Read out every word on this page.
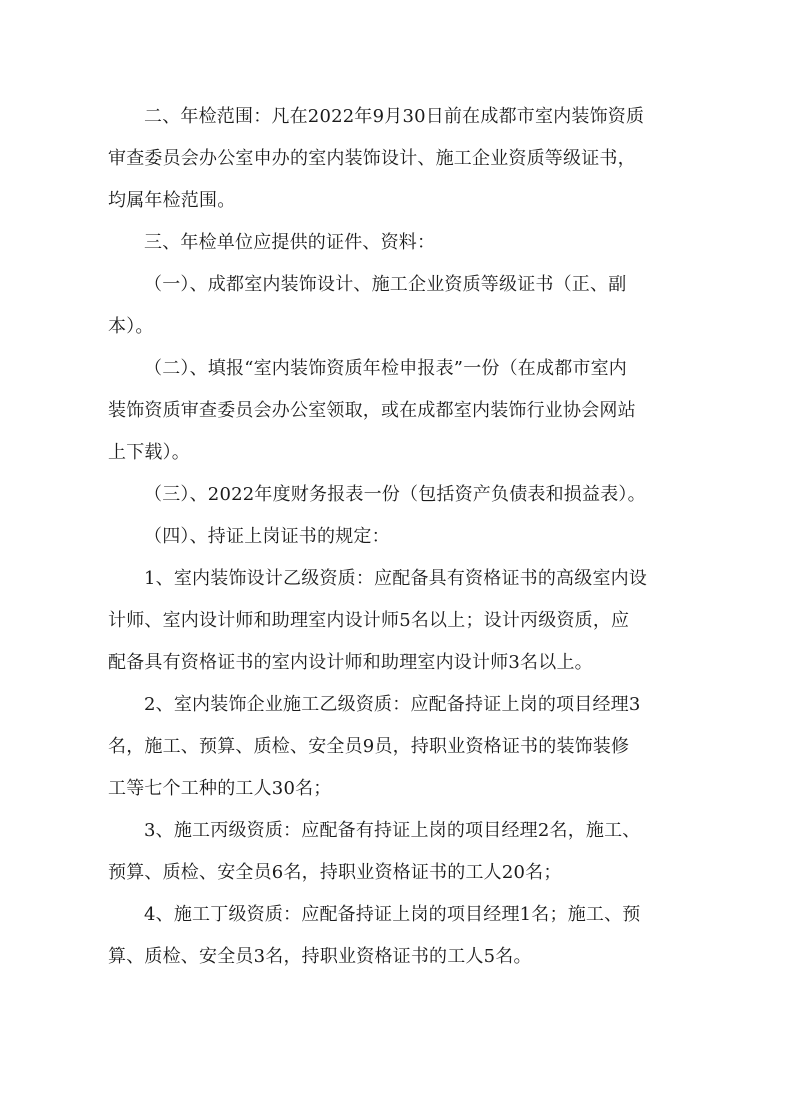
二、年检范围：凡在2022年9月30日前在成都市室内装饰资质
审查委员会办公室申办的室内装饰设计、施工企业资质等级证书，
均属年检范围。

三、年检单位应提供的证件、资料：

（一）、成都室内装饰设计、施工企业资质等级证书（正、副本）。

（二）、填报“室内装饰资质年检申报表”一份（在成都市室内
装饰资质审查委员会办公室领取，或在成都室内装饰行业协会网站
上下载）。

（三）、2022年度财务报表一份（包括资产负债表和损益表）。

（四）、持证上岗证书的规定：

1、室内装饰设计乙级资质：应配备具有资格证书的高级室内设
计师、室内设计师和助理室内设计师5名以上；设计丙级资质，应
配备具有资格证书的室内设计师和助理室内设计师3名以上。

2、室内装饰企业施工乙级资质：应配备持证上岗的项目经理3
名，施工、预算、质检、安全员9员，持职业资格证书的装饰装修
工等七个工种的工人30名；

3、施工丙级资质：应配备有持证上岗的项目经理2名，施工、
预算、质检、安全员6名，持职业资格证书的工人20名；

4、施工丁级资质：应配备持证上岗的项目经理1名；施工、预
算、质检、安全员3名，持职业资格证书的工人5名。
